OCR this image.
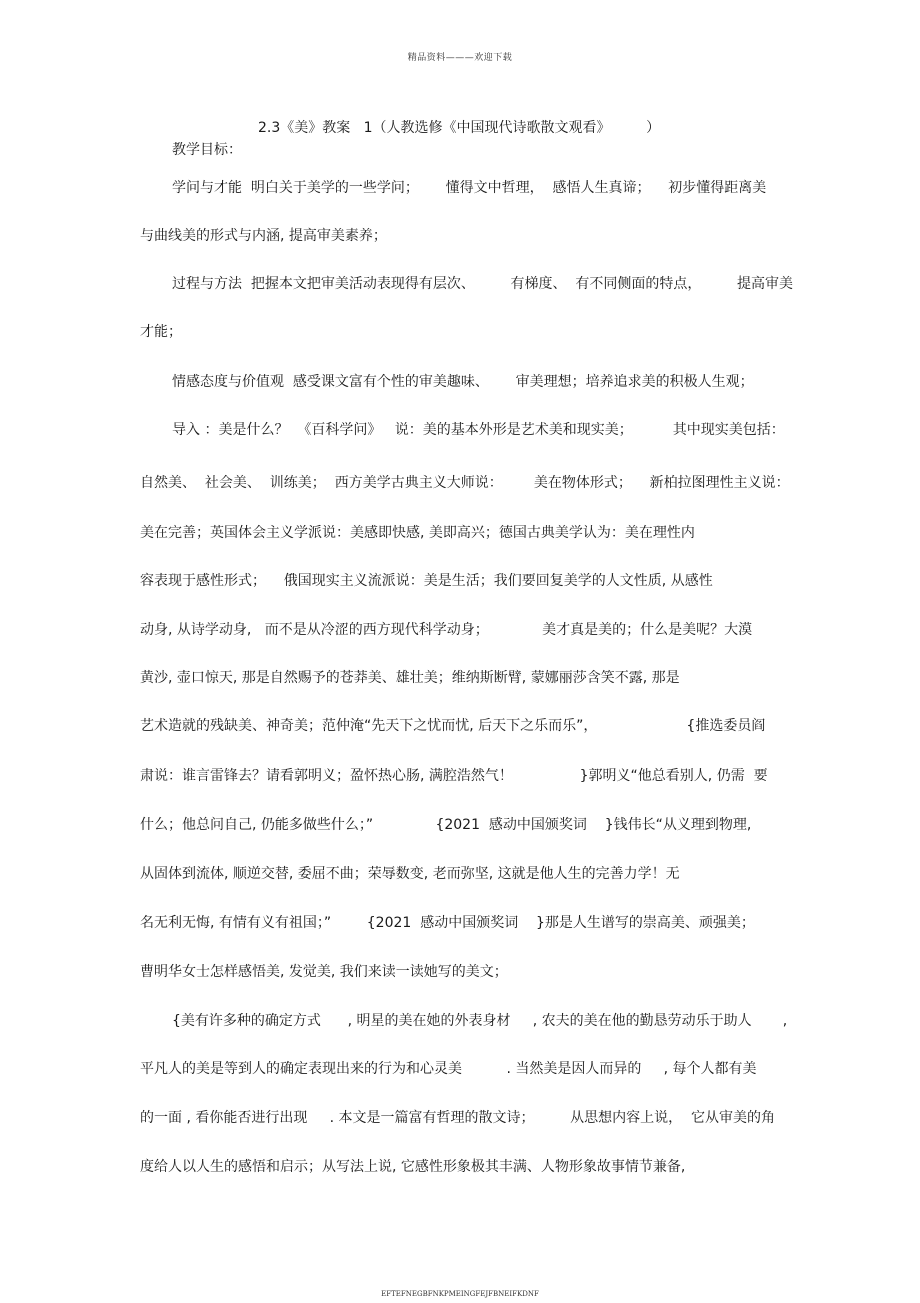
精品资料———欢迎下载
2.3《美》教案   1（人教选修《中国现代诗歌散文观看》        ）
教学目标：
学问与才能  明白关于美学的一些学问；      懂得文中哲理，  感悟人生真谛；    初步懂得距离美
与曲线美的形式与内涵, 提高审美素养；
过程与方法  把握本文把审美活动表现得有层次、        有梯度、  有不同侧面的特点，        提高审美
才能；
情感态度与价值观  感受课文富有个性的审美趣味、      审美理想；培养追求美的积极人生观；
导入 ：美是什么？  《百科学问》   说：美的基本外形是艺术美和现实美；         其中现实美包括：
自然美、  社会美、  训练美；  西方美学古典主义大师说：       美在物体形式；    新柏拉图理性主义说：
美在完善；英国体会主义学派说：美感即快感, 美即高兴；德国古典美学认为：美在理性内
容表现于感性形式；    俄国现实主义流派说：美是生活；我们要回复美学的人文性质, 从感性
动身, 从诗学动身,   而不是从冷涩的西方现代科学动身；            美才真是美的；什么是美呢？大漠
黄沙, 壶口惊天, 那是自然赐予的苍莽美、雄壮美；维纳斯断臂, 蒙娜丽莎含笑不露, 那是
艺术造就的残缺美、神奇美；范仲淹“先天下之忧而忧, 后天下之乐而乐”，                    {推选委员阎
肃说：谁言雷锋去？请看郭明义；盈怀热心肠, 满腔浩然气！               }郭明义“他总看别人, 仍需  要
什么；他总问自己, 仍能多做些什么；”              {2021  感动中国颁奖词    }钱伟长“从义理到物理,
从固体到流体, 顺逆交替, 委屈不曲；荣辱数变, 老而弥坚, 这就是他人生的完善力学！无
名无利无悔, 有情有义有祖国；”        {2021  感动中国颁奖词    }那是人生谱写的崇高美、顽强美；
曹明华女士怎样感悟美, 发觉美, 我们来读一读她写的美文；
{美有许多种的确定方式      , 明星的美在她的外表身材     , 农夫的美在他的勤恳劳动乐于助人       ,
平凡人的美是等到人的确定表现出来的行为和心灵美          . 当然美是因人而异的     , 每个人都有美
的一面 , 看你能否进行出现     . 本文是一篇富有哲理的散文诗；        从思想内容上说，  它从审美的角
度给人以人生的感悟和启示；从写法上说, 它感性形象极其丰满、人物形象故事情节兼备,
EFTEFNEGBFNKPMEINGFEJFBNEIFKDNF
